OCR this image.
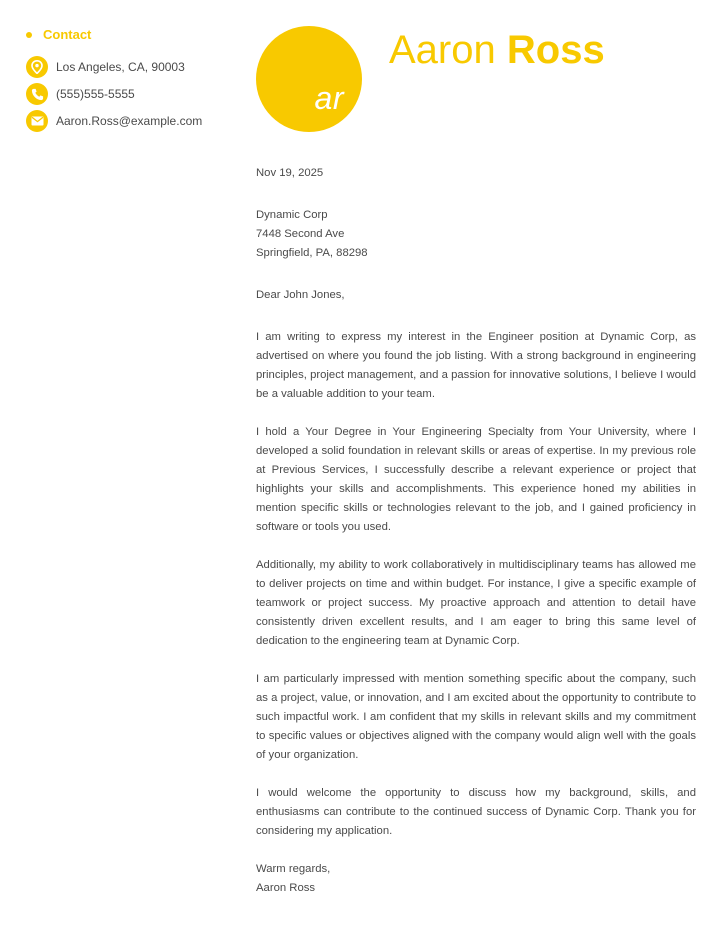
Contact
Los Angeles, CA, 90003
(555)555-5555
Aaron.Ross@example.com
ar
Aaron Ross

Nov 19, 2025

Dynamic Corp

7448 Second Ave

Springfield, PA, 88298

Dear John Jones,

I am writing to express my interest in the Engineer position at Dynamic Corp, as advertised on where you found the job listing. With a strong background in engineering principles, project management, and a passion for innovative solutions, I believe I would be a valuable addition to your team.

I hold a Your Degree in Your Engineering Specialty from Your University, where I developed a solid foundation in relevant skills or areas of expertise. In my previous role at Previous Services, I successfully describe a relevant experience or project that highlights your skills and accomplishments. This experience honed my abilities in mention specific skills or technologies relevant to the job, and I gained proficiency in software or tools you used.

Additionally, my ability to work collaboratively in multidisciplinary teams has allowed me to deliver projects on time and within budget. For instance, I give a specific example of teamwork or project success. My proactive approach and attention to detail have consistently driven excellent results, and I am eager to bring this same level of dedication to the engineering team at Dynamic Corp.

I am particularly impressed with mention something specific about the company, such as a project, value, or innovation, and I am excited about the opportunity to contribute to such impactful work. I am confident that my skills in relevant skills and my commitment to specific values or objectives aligned with the company would align well with the goals of your organization.

I would welcome the opportunity to discuss how my background, skills, and enthusiasms can contribute to the continued success of Dynamic Corp. Thank you for considering my application.

Warm regards,

Aaron Ross
